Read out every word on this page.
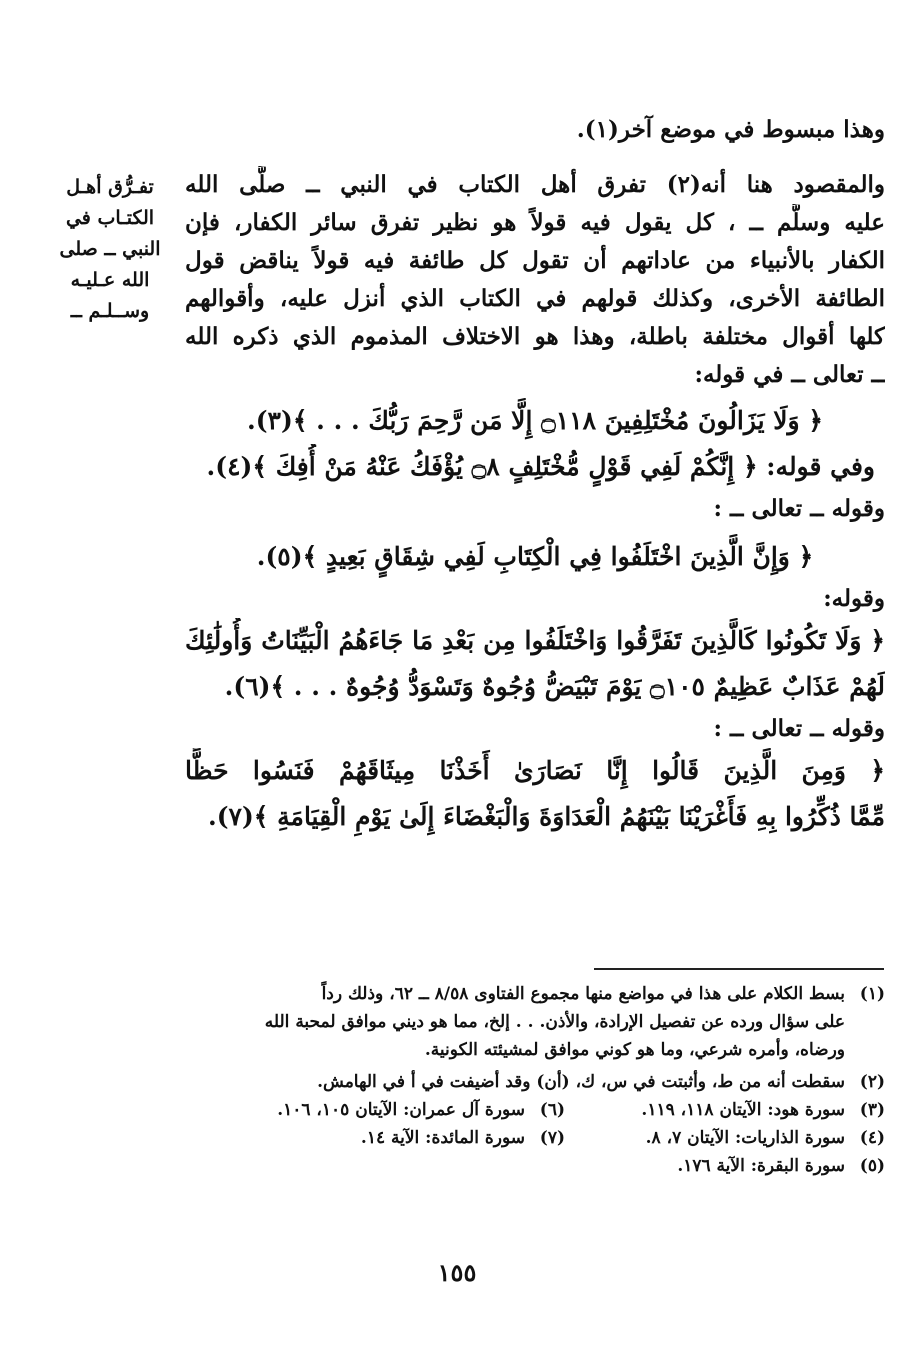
تفـرُّق أهـل
الكتـاب في
النبي ــ صلى
الله عـليـه
وســلـم ــ
وهذا مبسوط في موضع آخر(١).
والمقصود هنا أنه(٢) تفرق أهل الكتاب في النبي ــ صلَّى الله
عليه وسلَّم ــ ، كل يقول فيه قولاً هو نظير تفرق سائر الكفار، فإن
الكفار بالأنبياء من عاداتهم أن تقول كل طائفة فيه قولاً يناقض قول
الطائفة الأخرى، وكذلك قولهم في الكتاب الذي أنزل عليه، وأقوالهم
كلها أقوال مختلفة باطلة، وهذا هو الاختلاف المذموم الذي ذكره الله
ــ تعالى ــ في قوله:
﴿ وَلَا يَزَالُونَ مُخْتَلِفِينَ ۝١١٨ إِلَّا مَن رَّحِمَ رَبُّكَ . . . ﴾(٣).
وفي قوله: ﴿ إِنَّكُمْ لَفِي قَوْلٍ مُّخْتَلِفٍ ۝٨ يُؤْفَكُ عَنْهُ مَنْ أُفِكَ ﴾(٤).
وقوله ــ تعالى ــ :
﴿ وَإِنَّ الَّذِينَ اخْتَلَفُوا فِي الْكِتَابِ لَفِي شِقَاقٍ بَعِيدٍ ﴾(٥).
وقوله:
﴿ وَلَا تَكُونُوا كَالَّذِينَ تَفَرَّقُوا وَاخْتَلَفُوا مِن بَعْدِ مَا جَاءَهُمُ الْبَيِّنَاتُ وَأُولَٰئِكَ
لَهُمْ عَذَابٌ عَظِيمٌ ۝١٠٥ يَوْمَ تَبْيَضُّ وُجُوهٌ وَتَسْوَدُّ وُجُوهٌ . . . ﴾(٦).
وقوله ــ تعالى ــ :
﴿ وَمِنَ الَّذِينَ قَالُوا إِنَّا نَصَارَىٰ أَخَذْنَا مِيثَاقَهُمْ فَنَسُوا حَظًّا
مِّمَّا ذُكِّرُوا بِهِ فَأَغْرَيْنَا بَيْنَهُمُ الْعَدَاوَةَ وَالْبَغْضَاءَ إِلَىٰ يَوْمِ الْقِيَامَةِ ﴾(٧).
(١)بسط الكلام على هذا في مواضع منها مجموع الفتاوى ٨/٥٨ ــ ٦٢، وذلك رداً
على سؤال ورده عن تفصيل الإرادة، والأذن. . . إلخ، مما هو ديني موافق لمحبة الله
ورضاه، وأمره شرعي، وما هو كوني موافق لمشيئته الكونية.
(٢)سقطت أنه من ط، وأثبتت في س، ك، (أن) وقد أضيفت في أ في الهامش.
(٣)سورة هود: الآيتان ١١٨، ١١٩.
(٦)سورة آل عمران: الآيتان ١٠٥، ١٠٦.
(٤)سورة الذاريات: الآيتان ٧، ٨.
(٧)سورة المائدة: الآية ١٤.
(٥)سورة البقرة: الآية ١٧٦.
١٥٥
